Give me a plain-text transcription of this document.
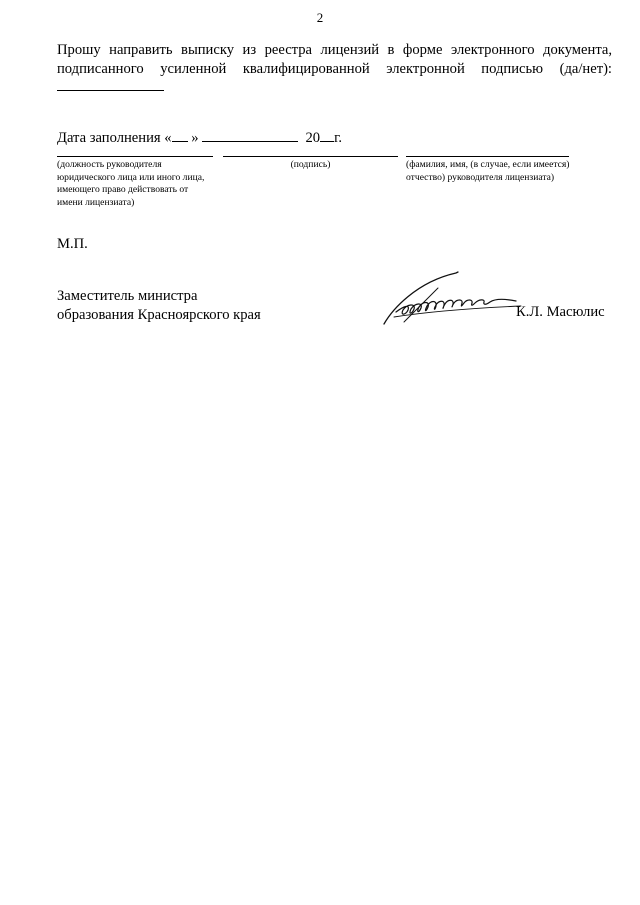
2
Прошу направить выписку из реестра лицензий в форме электронного документа, подписанного усиленной квалифицированной электронной подписью (да/нет):
Дата заполнения « »	20 г.
(должность руководителя юридического лица или иного лица, имеющего право действовать от имени лицензиата)
(подпись)	(фамилия, имя, (в случае, если имеется) отчество) руководителя лицензиата)
М.П.
Заместитель министра
образования Красноярского края	К.Л. Масюлис
